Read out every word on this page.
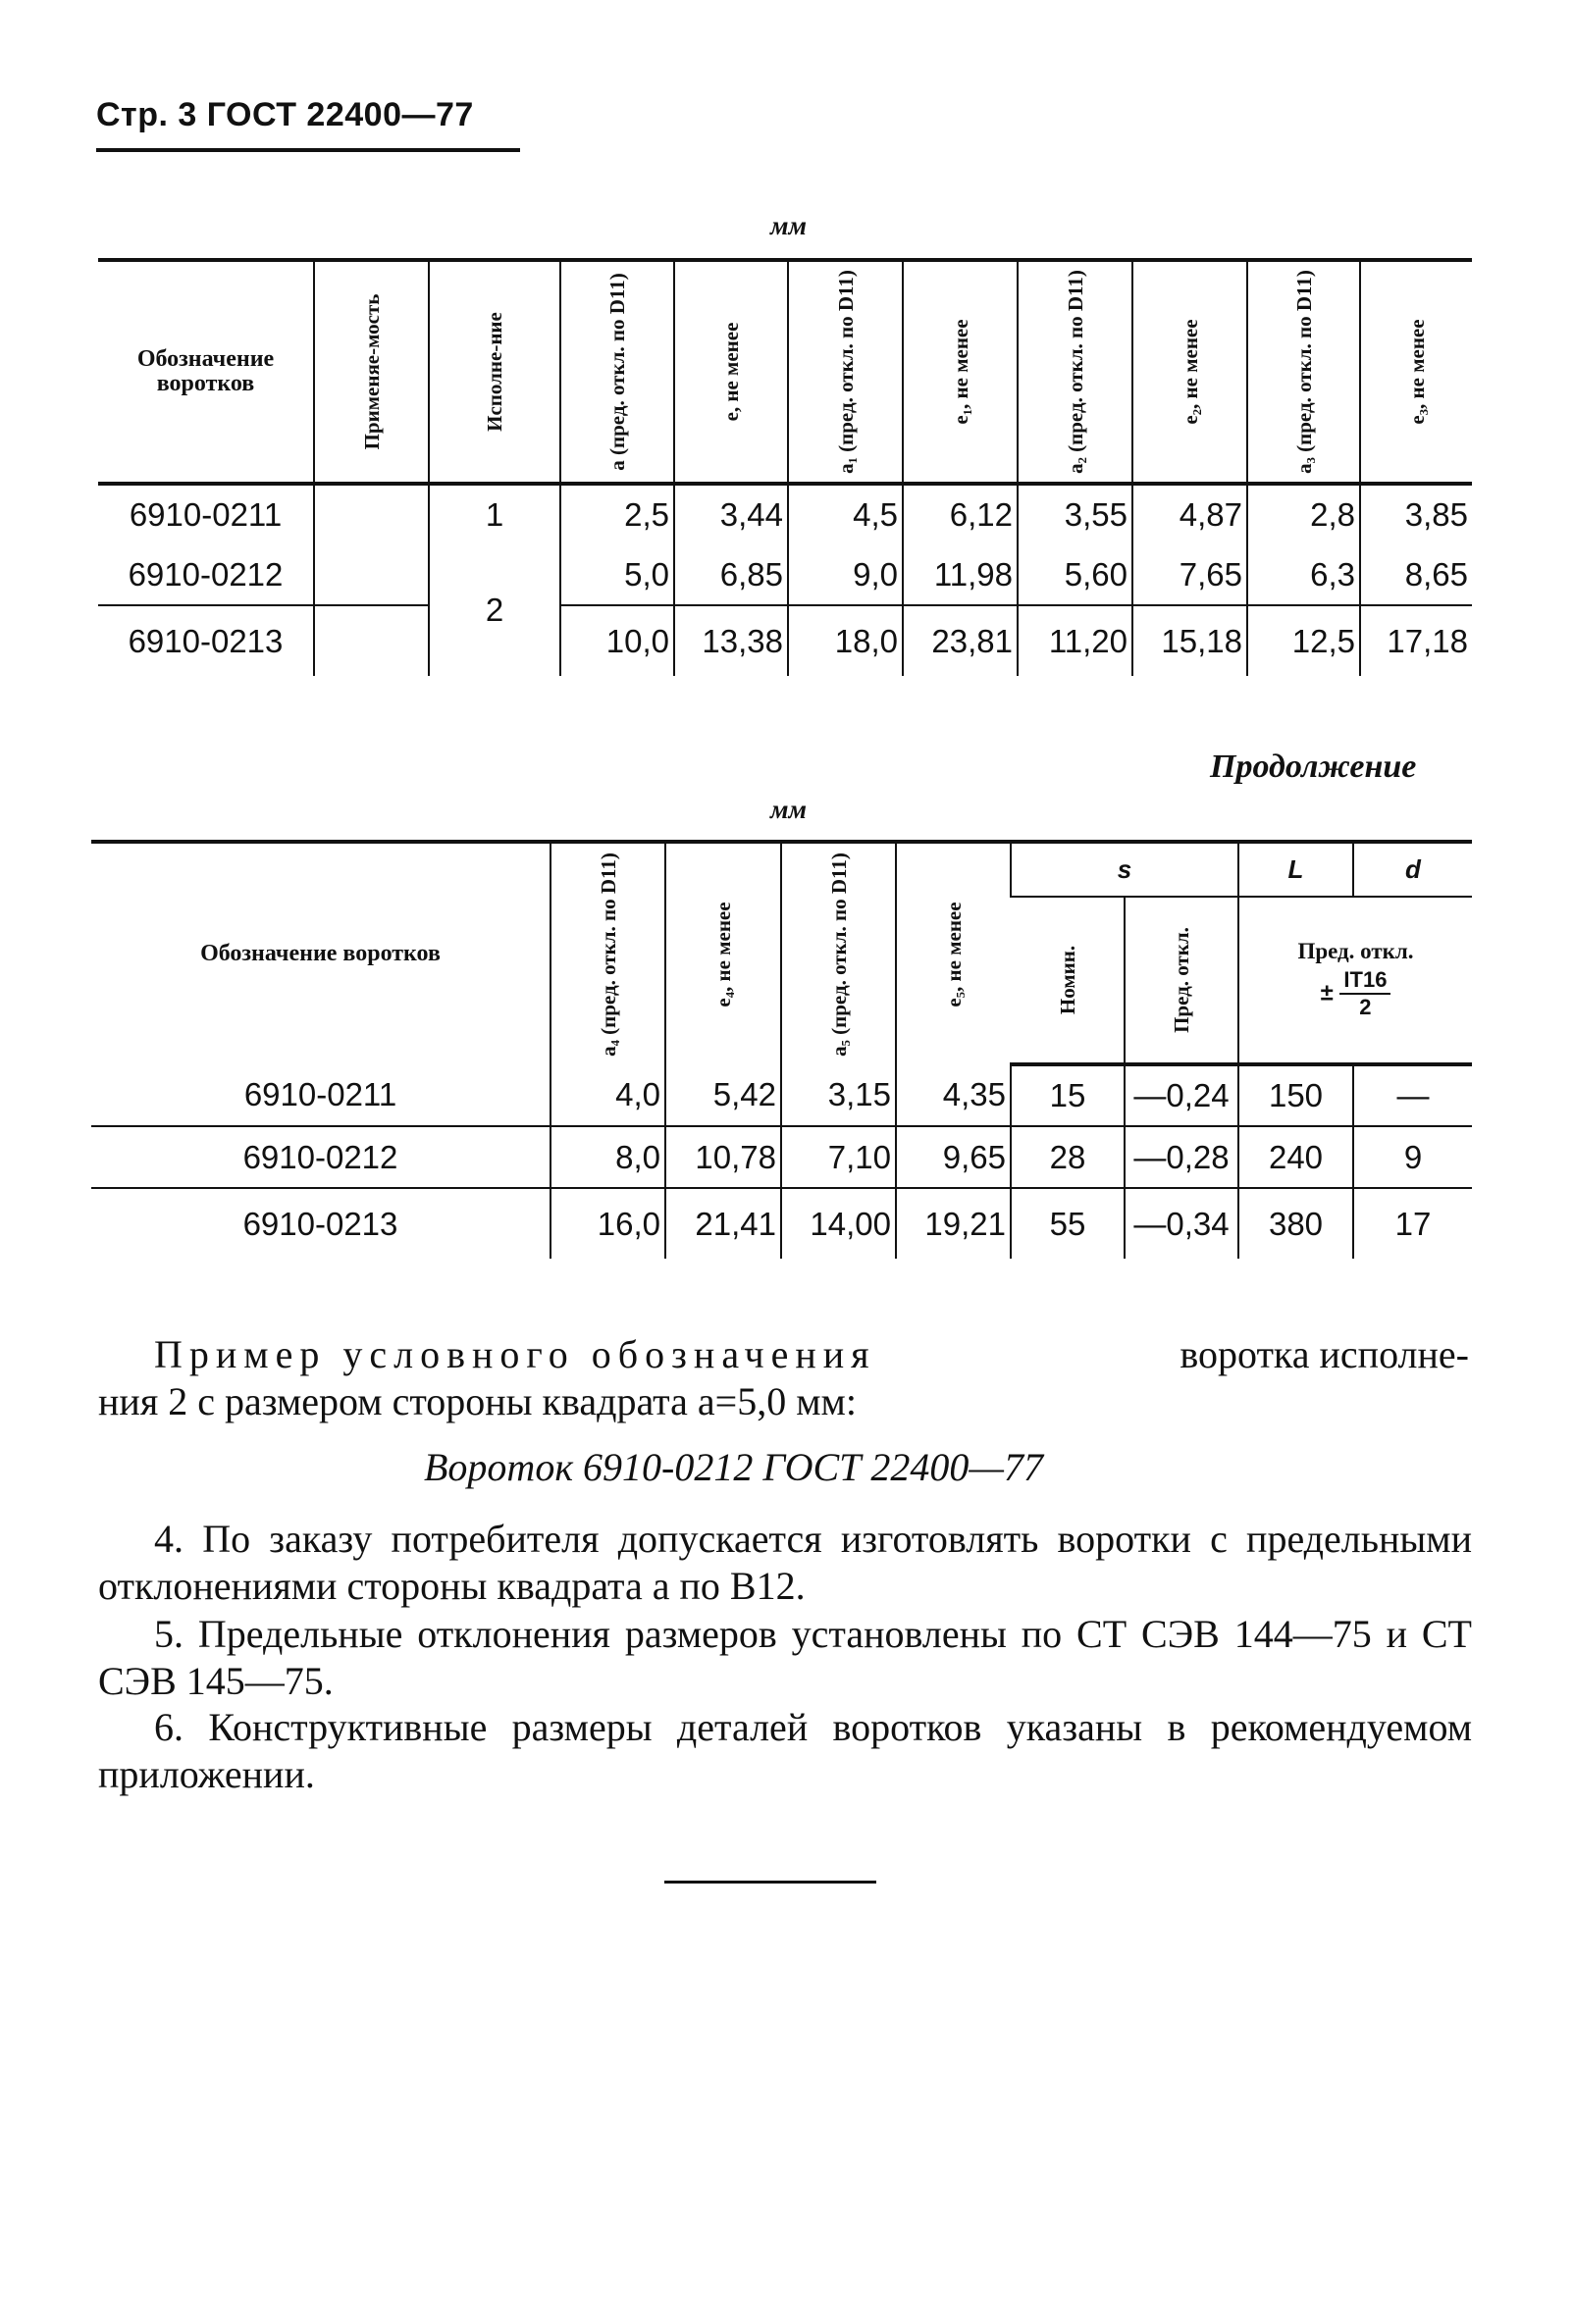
Стр. 3 ГОСТ 22400—77
мм
Обозначение воротков	Применяе-мость	Исполне-ние	a (пред. откл. по D11)	e, не менее	a₁ (пред. откл. по D11)	e₁, не менее	a₂ (пред. откл. по D11)	e₂, не менее	a₃ (пред. откл. по D11)	e₃, не менее

6910-0211		1	2,5	3,44	4,5	6,12	3,55	4,87	2,8	3,85
6910-0212		2	5,0	6,85	9,0	11,98	5,60	7,65	6,3	8,65
6910-0213			10,0	13,38	18,0	23,81	11,20	15,18	12,5	17,18
Продолжение
мм
Обозначение воротков	a₄ (пред. откл. по D11)	e₄, не менее	a₅ (пред. откл. по D11)	e₅, не менее	s		L	d

					Номин.	Пред. откл.	Пред. откл.
± $\frac{IT16}{2}$

6910-0211	4,0	5,42	3,15	4,35	15	—0,24	150	—
6910-0212	8,0	10,78	7,10	9,65	28	—0,28	240	9
6910-0213	16,0	21,41	14,00	19,21	55	—0,34	380	17
Пример условного обозначения	воротка исполне-
ния 2 с размером стороны квадрата a=5,0 мм:
Вороток 6910-0212 ГОСТ 22400—77
4. По заказу потребителя допускается изготовлять воротки с предельными отклонениями стороны квадрата a по B12.
5. Предельные отклонения размеров установлены по СТ СЭВ 144—75 и СТ СЭВ 145—75.
6. Конструктивные размеры деталей воротков указаны в рекомендуемом приложении.
